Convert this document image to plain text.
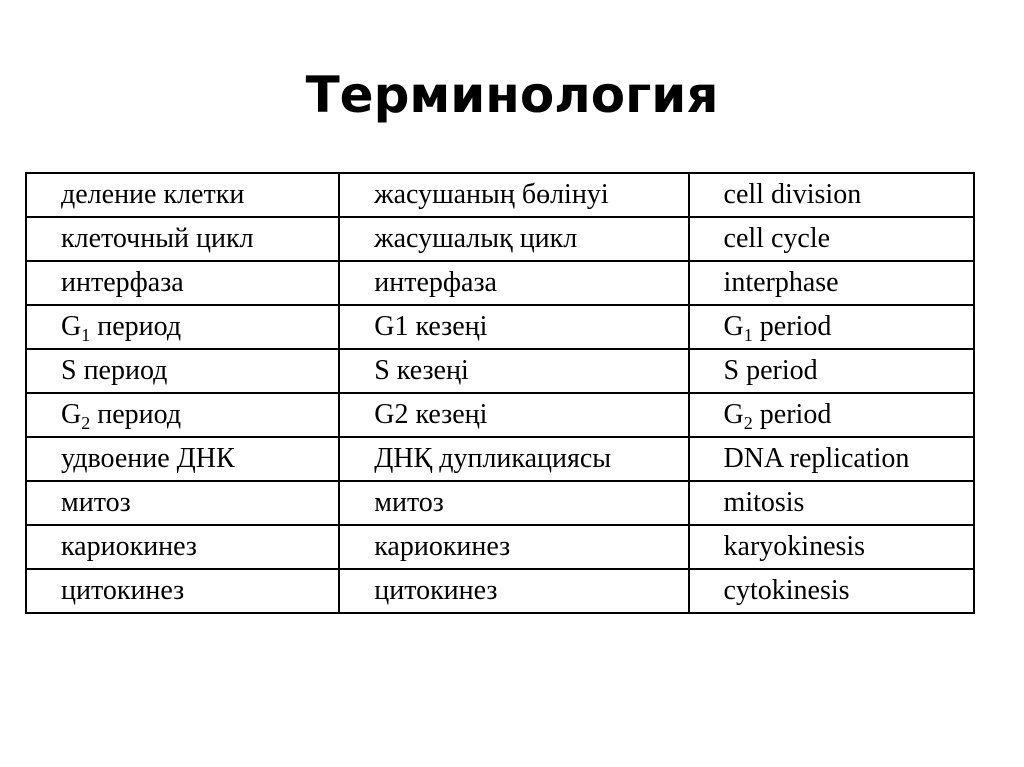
Терминология
деление клетки	жасушаның бөлінуі	cell division
клеточный цикл	жасушалық цикл	cell cycle
интерфаза	интерфаза	interphase
$G_1$ период	G1 кезеңі	$G_1$ period
S период	S кезеңі	S period
$G_2$ период	G2 кезеңі	$G_2$ period
удвоение ДНК	ДНҚ дупликациясы	DNA replication
митоз	митоз	mitosis
кариокинез	кариокинез	karyokinesis
цитокинез	цитокинез	cytokinesis
